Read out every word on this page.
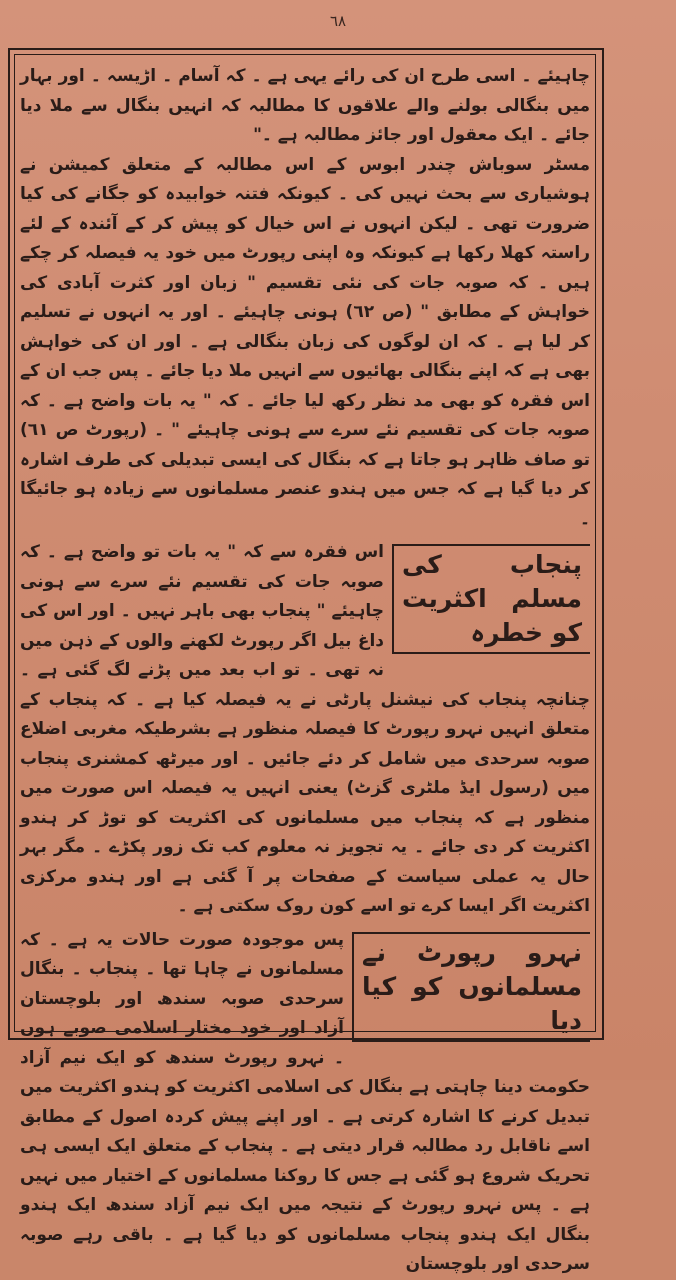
٦٨

چاہیئے ۔ اسی طرح ان کی رائے یہی ہے ۔ کہ آسام ۔ اڑیسہ ۔ اور بہار میں بنگالی بولنے والے علاقوں کا مطالبہ کہ انہیں بنگال سے ملا دیا جائے ۔ ایک معقول اور جائز مطالبہ ہے ۔"

مسٹر سوباش چندر ابوس کے اس مطالبہ کے متعلق کمیشن نے ہوشیاری سے بحث نہیں کی ۔ کیونکہ فتنہ خوابیدہ کو جگانے کی کیا ضرورت تھی ۔ لیکن انہوں نے اس خیال کو پیش کر کے آئندہ کے لئے راستہ کھلا رکھا ہے کیونکہ وہ اپنی رپورٹ میں خود یہ فیصلہ کر چکے ہیں ۔ کہ صوبہ جات کی نئی تقسیم " زبان اور کثرت آبادی کی خواہش کے مطابق " (ص ٦٢) ہونی چاہیئے ۔ اور یہ انہوں نے تسلیم کر لیا ہے ۔ کہ ان لوگوں کی زبان بنگالی ہے ۔ اور ان کی خواہش بھی ہے کہ اپنے بنگالی بھائیوں سے انہیں ملا دیا جائے ۔ پس جب ان کے اس فقرہ کو بھی مد نظر رکھ لیا جائے ۔ کہ " یہ بات واضح ہے ۔ کہ صوبہ جات کی تقسیم نئے سرے سے ہونی چاہیئے " ۔ (رپورٹ ص ٦١) تو صاف ظاہر ہو جاتا ہے کہ بنگال کی ایسی تبدیلی کی طرف اشارہ کر دیا گیا ہے کہ جس میں ہندو عنصر مسلمانوں سے زیادہ ہو جائیگا ۔

پنجاب کی مسلم اکثریت کو خطرہ

اس فقرہ سے کہ " یہ بات تو واضح ہے ۔ کہ صوبہ جات کی تقسیم نئے سرے سے ہونی چاہیئے " پنجاب بھی باہر نہیں ۔ اور اس کی داغ بیل اگر رپورٹ لکھنے والوں کے ذہن میں نہ تھی ۔ تو اب بعد میں پڑنے لگ گئی ہے ۔ چنانچہ پنجاب کی نیشنل پارٹی نے یہ فیصلہ کیا ہے ۔ کہ پنجاب کے متعلق انہیں نہرو رپورٹ کا فیصلہ منظور ہے بشرطیکہ مغربی اضلاع صوبہ سرحدی میں شامل کر دئے جائیں ۔ اور میرٹھ کمشنری پنجاب میں (رسول ایڈ ملٹری گزٹ) یعنی انہیں یہ فیصلہ اس صورت میں منظور ہے کہ پنجاب میں مسلمانوں کی اکثریت کو توڑ کر ہندو اکثریت کر دی جائے ۔ یہ تجویز نہ معلوم کب تک زور پکڑے ۔ مگر بہر حال یہ عملی سیاست کے صفحات پر آ گئی ہے اور ہندو مرکزی اکثریت اگر ایسا کرے تو اسے کون روک سکتی ہے ۔

نہرو رپورٹ نے مسلمانوں کو کیا دیا

پس موجودہ صورت حالات یہ ہے ۔ کہ مسلمانوں نے چاہا تھا ۔ پنجاب ۔ بنگال سرحدی صوبہ سندھ اور بلوچستان آزاد اور خود مختار اسلامی صوبے ہوں ۔ نہرو رپورٹ سندھ کو ایک نیم آزاد حکومت دینا چاہتی ہے بنگال کی اسلامی اکثریت کو ہندو اکثریت میں تبدیل کرنے کا اشارہ کرتی ہے ۔ اور اپنے پیش کردہ اصول کے مطابق اسے ناقابل رد مطالبہ قرار دیتی ہے ۔ پنجاب کے متعلق ایک ایسی ہی تحریک شروع ہو گئی ہے جس کا روکنا مسلمانوں کے اختیار میں نہیں ہے ۔ پس نہرو رپورٹ کے نتیجہ میں ایک نیم آزاد سندھ ایک ہندو بنگال ایک ہندو پنجاب مسلمانوں کو دیا گیا ہے ۔ باقی رہے صوبہ سرحدی اور بلوچستان
